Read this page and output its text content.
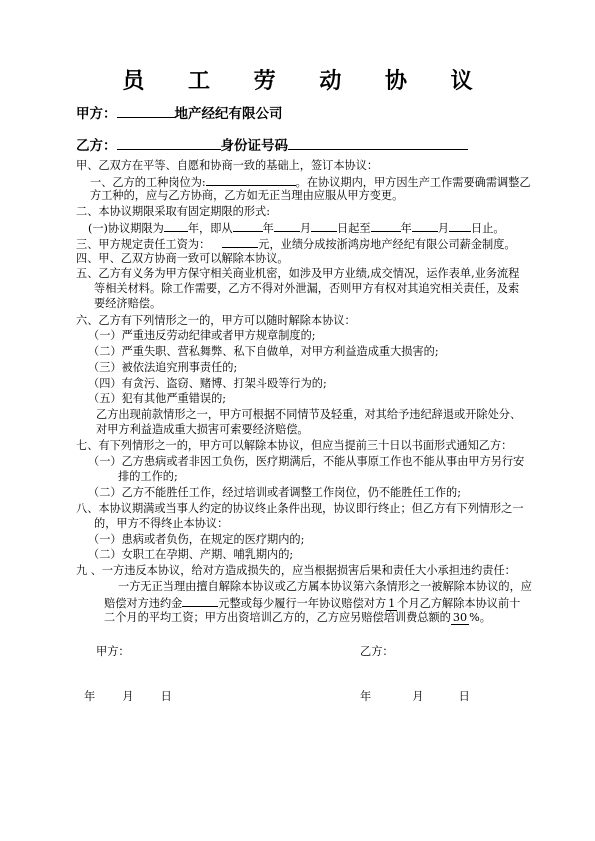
员 工 劳 动 协 议
甲方：	地产经纪有限公司
乙方：	身份证号码
甲、乙双方在平等、自愿和协商一致的基础上，签订本协议：
一、乙方的工种岗位为:	。在协议期内，甲方因生产工作需要确需调整乙
方工种的，应与乙方协商，乙方如无正当理由应服从甲方变更。
二、本协议期限采取有固定期限的形式:
(一)协议期限为 年，即从	年 月 日起至	年 月 日止。
三、甲方规定责任工资为：	元，业绩分成按浙鸿房地产经纪有限公司薪金制度。
四、甲、乙双方协商一致可以解除本协议。
五、乙方有义务为甲方保守相关商业机密，如涉及甲方业绩,成交情况，运作表单,业务流程
等相关材料。除工作需要，乙方不得对外泄漏，否则甲方有权对其追究相关责任，及索
要经济赔偿。
六、乙方有下列情形之一的，甲方可以随时解除本协议：
（一）严重违反劳动纪律或者甲方规章制度的;
（二）严重失职、营私舞弊、私下自做单，对甲方利益造成重大损害的;
（三）被依法追究刑事责任的;
（四）有贪污、盗窃、赌博、打架斗殴等行为的;
（五）犯有其他严重错误的;
乙方出现前款情形之一，甲方可根据不同情节及轻重，对其给予违纪辞退或开除处分、
对甲方利益造成重大损害可索要经济赔偿。
七、有下列情形之一的，甲方可以解除本协议，但应当提前三十日以书面形式通知乙方：
（一）乙方患病或者非因工负伤，医疗期满后，不能从事原工作也不能从事由甲方另行安
排的工作的;
（二）乙方不能胜任工作，经过培训或者调整工作岗位，仍不能胜任工作的;
八、本协议期满或当事人约定的协议终止条件出现，协议即行终止；但乙方有下列情形之一
的，甲方不得终止本协议：
（一）患病或者负伤，在规定的医疗期内的;
（二）女职工在孕期、产期、哺乳期内的;
九 、一方违反本协议，给对方造成损失的，应当根据损害后果和责任大小承担违约责任：
一方无正当理由擅自解除本协议或乙方属本协议第六条情形之一被解除本协议的，应
赔偿对方违约金	元整或每少履行一年协议赔偿对方 1 个月乙方解除本协议前十
二个月的平均工资；甲方出资培训乙方的，乙方应另赔偿培训费总额的 30 %。
甲方：	乙方：
年 月 日	年	月	日
